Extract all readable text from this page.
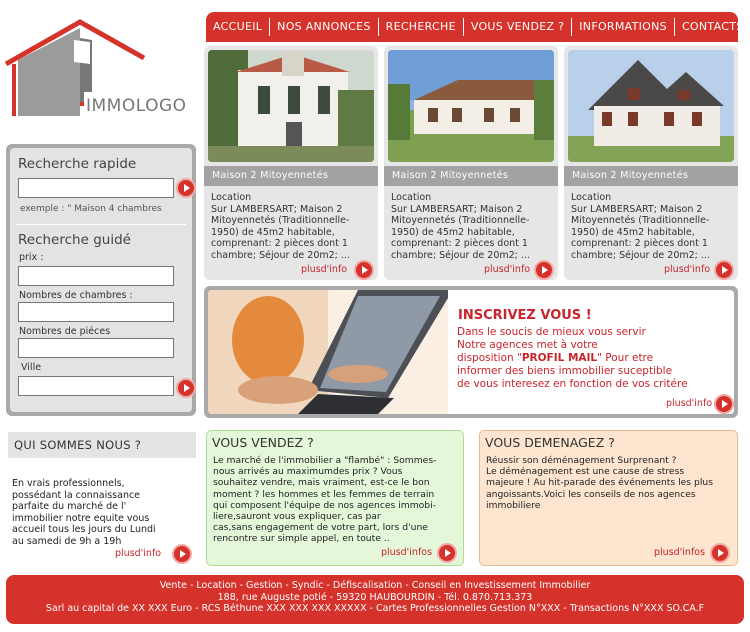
IMMOLOGO
ACCUEIL	NOS ANNONCES	RECHERCHE	VOUS VENDEZ ?	INFORMATIONS	CONTACTS
Recherche rapide
exemple : " Maison 4 chambres
Recherche guidé
prix :
Nombres de chambres :
Nombres de piéces
Ville
Maison 2 Mitoyennetés
Location
Sur LAMBERSART; Maison 2
Mitoyennetés (Traditionnelle-
1950) de 45m2 habitable,
comprenant: 2 pièces dont 1
chambre; Séjour de 20m2; ...
plusd'info
Maison 2 Mitoyennetés
Location
Sur LAMBERSART; Maison 2
Mitoyennetés (Traditionnelle-
1950) de 45m2 habitable,
comprenant: 2 pièces dont 1
chambre; Séjour de 20m2; ...
plusd'info
Maison 2 Mitoyennetés
Location
Sur LAMBERSART; Maison 2
Mitoyennetés (Traditionnelle-
1950) de 45m2 habitable,
comprenant: 2 pièces dont 1
chambre; Séjour de 20m2; ...
plusd'info
INSCRIVEZ VOUS !
Dans le soucis de mieux vous servir
Notre agences met à votre
disposition "PROFIL MAIL" Pour etre
informer des biens immobilier suceptible
de vous interesez en fonction de vos critére
plusd'info
QUI SOMMES NOUS ?
En vrais professionnels,
possédant la connaissance
parfaite du marché de l'
immobilier notre equite vous
accueil tous les jours du Lundi
au samedi de 9h a 19h
plusd'info
VOUS VENDEZ ?
Le marché de l'immobilier a "flambé" : Sommes-
nous arrivés au maximumdes prix ? Vous
souhaitez vendre, mais vraiment, est-ce le bon
moment ? les hommes et les femmes de terrain
qui composent l'équipe de nos agences immobi-
liere,sauront vous expliquer, cas par
cas,sans engagement de votre part, lors d'une
rencontre sur simple appel, en toute ..
plusd'infos
VOUS DEMENAGEZ ?
Réussir son déménagement Surprenant ?
Le déménagement est une cause de stress
majeure ! Au hit-parade des événements les plus
angoissants.Voici les conseils de nos agences
immobiliere
plusd'infos
Vente - Location - Gestion - Syndic - Défiscalisation - Conseil en Investissement Immobilier
188, rue Auguste potié - 59320 HAUBOURDIN - Tél. 0.870.713.373
Sarl au capital de XX XXX Euro - RCS Béthune XXX XXX XXX XXXXX - Cartes Professionnelles Gestion N°XXX - Transactions N°XXX SO.CA.F
